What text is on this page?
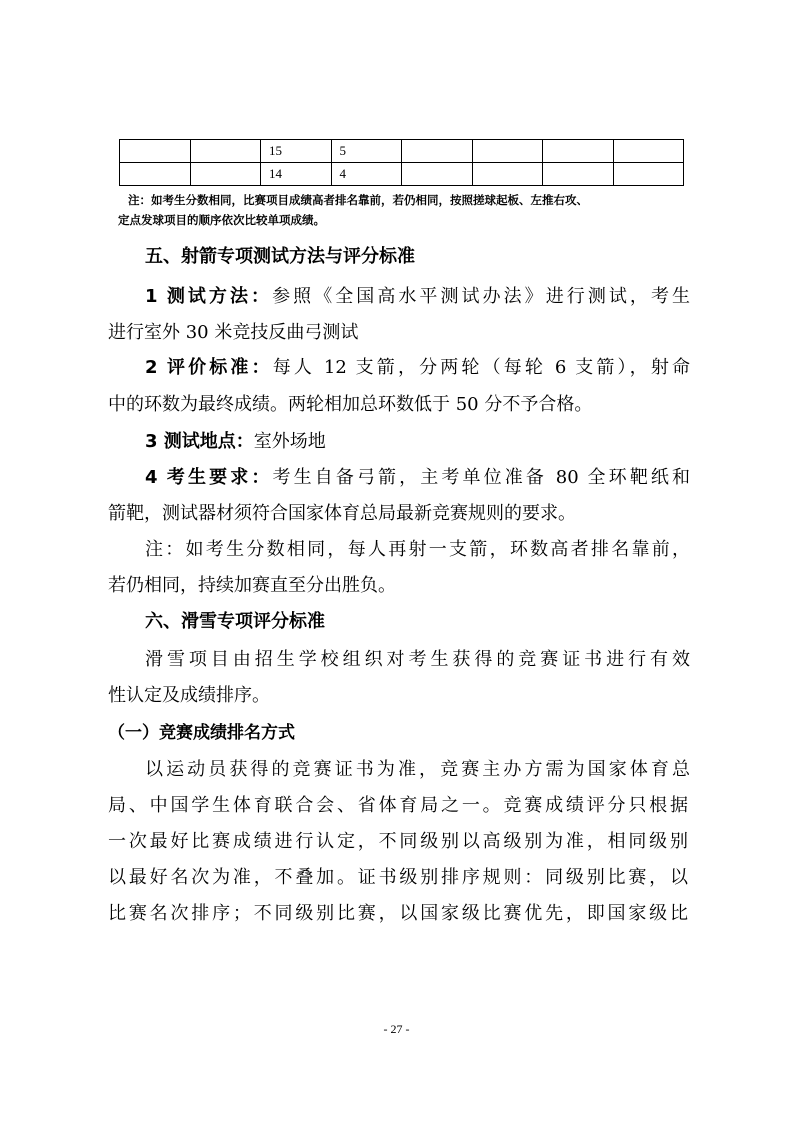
		15	5				
		14	4				
注：如考生分数相同，比赛项目成绩高者排名靠前，若仍相同，按照搓球起板、左推右攻、
定点发球项目的顺序依次比较单项成绩。
五、射箭专项测试方法与评分标准
1 测试方法：参照《全国高水平测试办法》进行测试，考生
进行室外 30 米竞技反曲弓测试
2 评价标准：每人 12 支箭，分两轮（每轮 6 支箭），射命
中的环数为最终成绩。两轮相加总环数低于 50 分不予合格。
3 测试地点：室外场地
4 考生要求：考生自备弓箭，主考单位准备 80 全环靶纸和
箭靶，测试器材须符合国家体育总局最新竞赛规则的要求。
注：如考生分数相同，每人再射一支箭，环数高者排名靠前，
若仍相同，持续加赛直至分出胜负。
六、滑雪专项评分标准
滑雪项目由招生学校组织对考生获得的竞赛证书进行有效
性认定及成绩排序。
（一）竞赛成绩排名方式
以运动员获得的竞赛证书为准，竞赛主办方需为国家体育总
局、中国学生体育联合会、省体育局之一。竞赛成绩评分只根据
一次最好比赛成绩进行认定，不同级别以高级别为准，相同级别
以最好名次为准，不叠加。证书级别排序规则：同级别比赛，以
比赛名次排序；不同级别比赛，以国家级比赛优先，即国家级比
- 27 -
